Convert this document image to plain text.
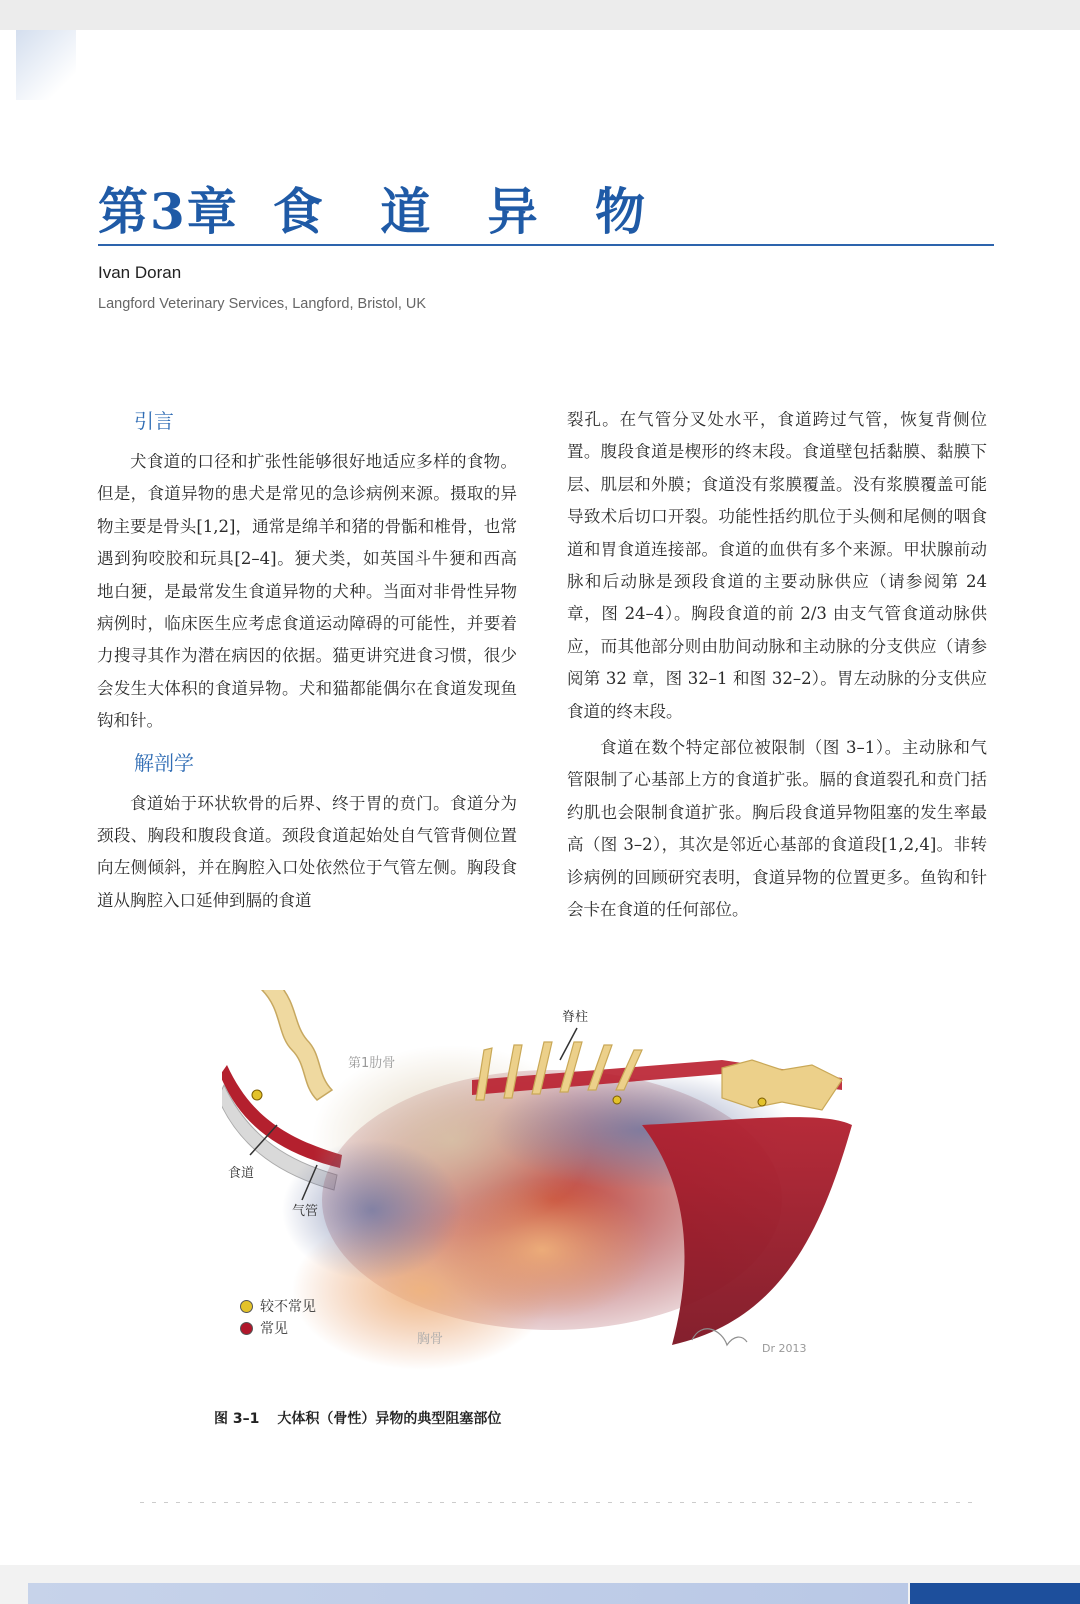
第3章 食 道 异 物
Ivan Doran
Langford Veterinary Services, Langford, Bristol, UK
引言

犬食道的口径和扩张性能够很好地适应多样的食物。但是，食道异物的患犬是常见的急诊病例来源。摄取的异物主要是骨头[1,2]，通常是绵羊和猪的骨骺和椎骨，也常遇到狗咬胶和玩具[2–4]。㹴犬类，如英国斗牛㹴和西高地白㹴，是最常发生食道异物的犬种。当面对非骨性异物病例时，临床医生应考虑食道运动障碍的可能性，并要着力搜寻其作为潜在病因的依据。猫更讲究进食习惯，很少会发生大体积的食道异物。犬和猫都能偶尔在食道发现鱼钩和针。

解剖学

食道始于环状软骨的后界、终于胃的贲门。食道分为颈段、胸段和腹段食道。颈段食道起始处自气管背侧位置向左侧倾斜，并在胸腔入口处依然位于气管左侧。胸段食道从胸腔入口延伸到膈的食道

裂孔。在气管分叉处水平，食道跨过气管，恢复背侧位置。腹段食道是楔形的终末段。食道壁包括黏膜、黏膜下层、肌层和外膜；食道没有浆膜覆盖。没有浆膜覆盖可能导致术后切口开裂。功能性括约肌位于头侧和尾侧的咽食道和胃食道连接部。食道的血供有多个来源。甲状腺前动脉和后动脉是颈段食道的主要动脉供应（请参阅第 24 章，图 24–4）。胸段食道的前 2/3 由支气管食道动脉供应，而其他部分则由肋间动脉和主动脉的分支供应（请参阅第 32 章，图 32–1 和图 32–2）。胃左动脉的分支供应食道的终末段。

食道在数个特定部位被限制（图 3–1）。主动脉和气管限制了心基部上方的食道扩张。膈的食道裂孔和贲门括约肌也会限制食道扩张。胸后段食道异物阻塞的发生率最高（图 3–2），其次是邻近心基部的食道段[1,2,4]。非转诊病例的回顾研究表明，食道异物的位置更多。鱼钩和针会卡在食道的任何部位。

脊柱
第1肋骨
食道
气管
胸骨
Dr 2013
较不常见
常见
图 3–1 大体积（骨性）异物的典型阻塞部位
